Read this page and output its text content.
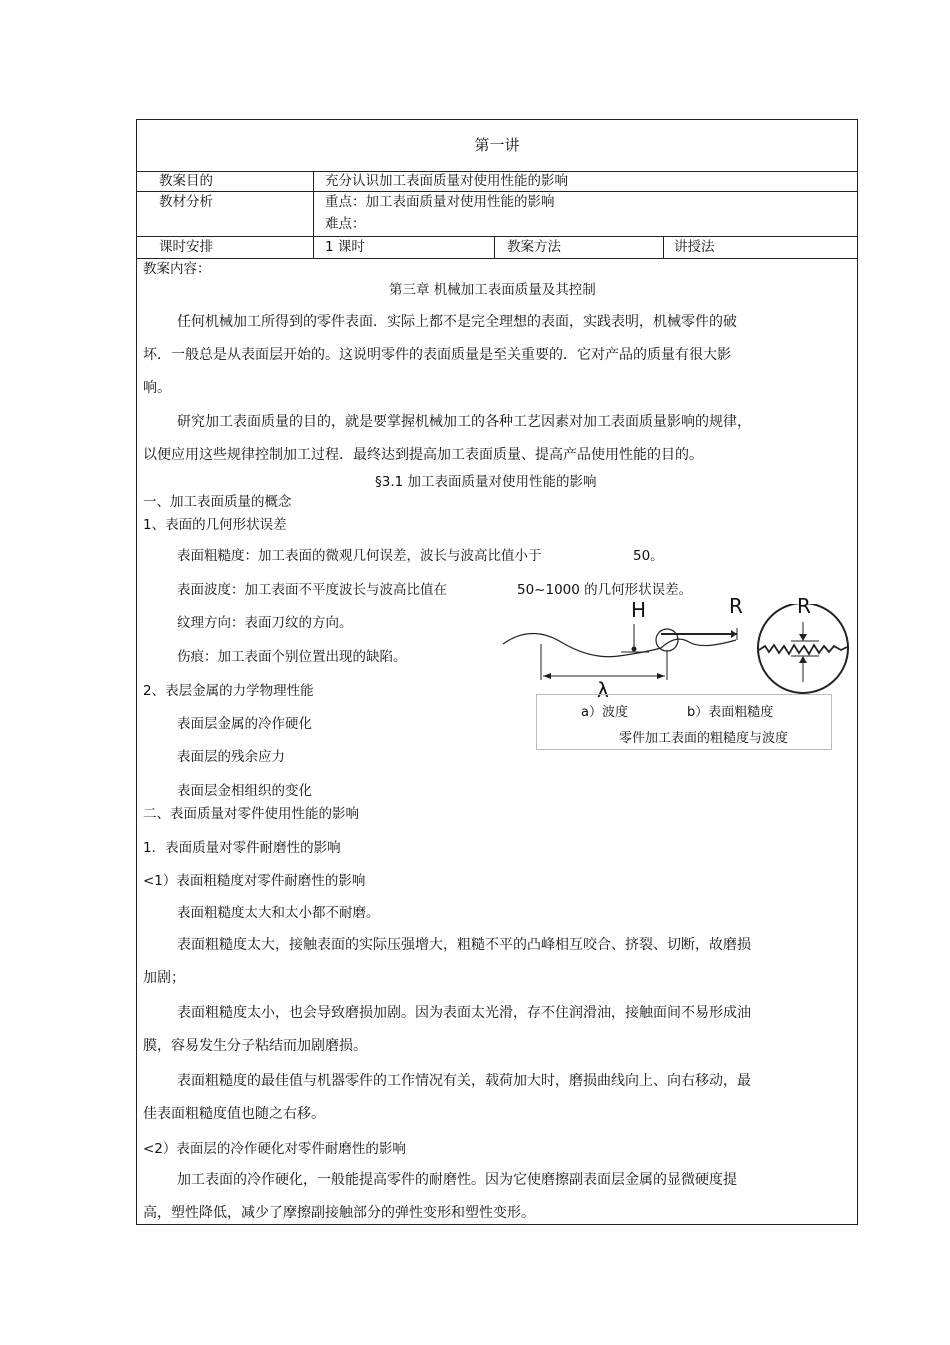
第一讲
教案目的	充分认识加工表面质量对使用性能的影响
教材分析	重点：加工表面质量对使用性能的影响
难点：
课时安排	1 课时	教案方法	讲授法
教案内容：
第三章 机械加工表面质量及其控制
任何机械加工所得到的零件表面．实际上都不是完全理想的表面，实践表明，机械零件的破
坏．一般总是从表面层开始的。这说明零件的表面质量是至关重要的．它对产品的质量有很大影
响。
研究加工表面质量的目的，就是要掌握机械加工的各种工艺因素对加工表面质量影响的规律，
以便应用这些规律控制加工过程．最终达到提高加工表面质量、提高产品使用性能的目的。
§3.1 加工表面质量对使用性能的影响
一、加工表面质量的概念
1、表面的几何形状误差
表面粗糙度：加工表面的微观几何误差，波长与波高比值小于	50。
表面波度：加工表面不平度波长与波高比值在	50~1000 的几何形状误差。
纹理方向：表面刀纹的方向。
伤痕：加工表面个别位置出现的缺陷。
2、表层金属的力学物理性能
表面层金属的冷作硬化
表面层的残余应力
表面层金相组织的变化
二、表面质量对零件使用性能的影响
1．表面质量对零件耐磨性的影响
<1）表面粗糙度对零件耐磨性的影响
表面粗糙度太大和太小都不耐磨。
表面粗糙度太大，接触表面的实际压强增大，粗糙不平的凸峰相互咬合、挤裂、切断，故磨损
加剧；
表面粗糙度太小，也会导致磨损加剧。因为表面太光滑，存不住润滑油，接触面间不易形成油
膜，容易发生分子粘结而加剧磨损。
表面粗糙度的最佳值与机器零件的工作情况有关，载荷加大时，磨损曲线向上、向右移动，最
佳表面粗糙度值也随之右移。
<2）表面层的冷作硬化对零件耐磨性的影响
加工表面的冷作硬化，一般能提高零件的耐磨性。因为它使磨擦副表面层金属的显微硬度提
高，塑性降低，减少了摩擦副接触部分的弹性变形和塑性变形。
H	R	R
λ
a）波度	b）表面粗糙度
零件加工表面的粗糙度与波度
